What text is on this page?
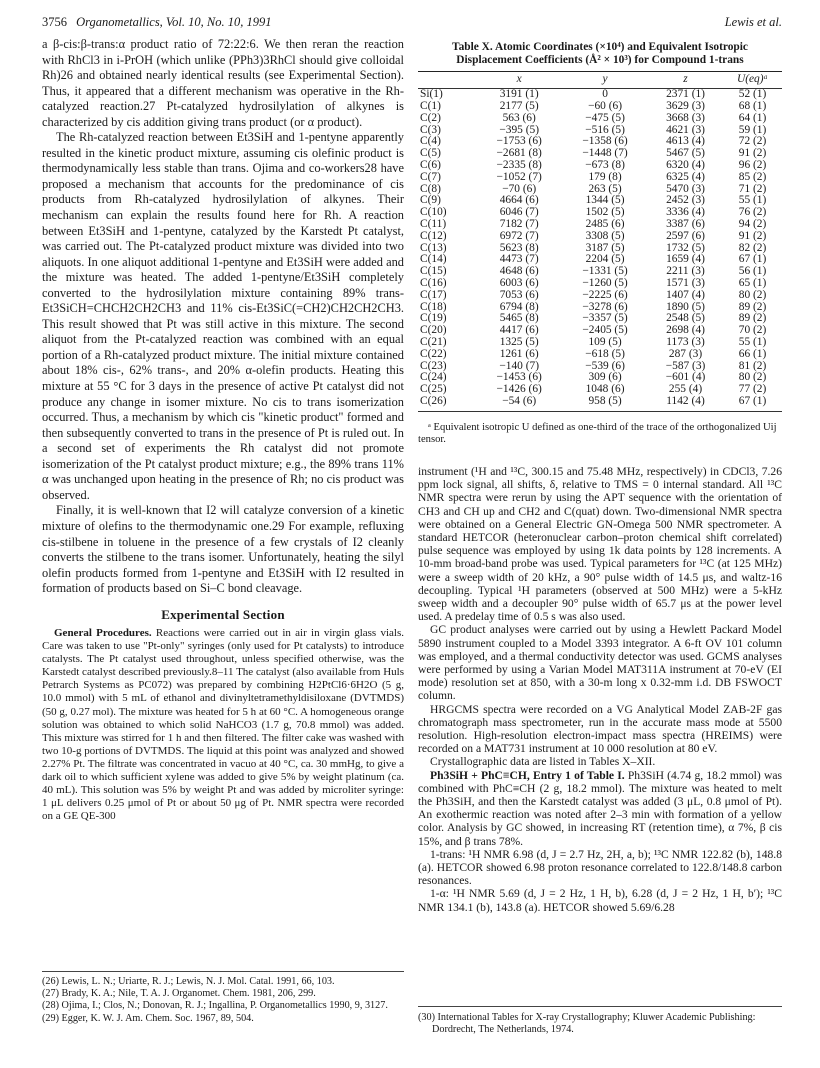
3756 Organometallics, Vol. 10, No. 10, 1991	Lewis et al.

a β-cis:β-trans:α product ratio of 72:22:6. We then reran the reaction with RhCl3 in i-PrOH (which unlike (PPh3)3RhCl should give colloidal Rh)26 and obtained nearly identical results (see Experimental Section). Thus, it appeared that a different mechanism was operative in the Rh-catalyzed reaction.27 Pt-catalyzed hydrosilylation of alkynes is characterized by cis addition giving trans product (or α product).

The Rh-catalyzed reaction between Et3SiH and 1-pentyne apparently resulted in the kinetic product mixture, assuming cis olefinic product is thermodynamically less stable than trans. Ojima and co-workers28 have proposed a mechanism that accounts for the predominance of cis products from Rh-catalyzed hydrosilylation of alkynes. Their mechanism can explain the results found here for Rh. A reaction between Et3SiH and 1-pentyne, catalyzed by the Karstedt Pt catalyst, was carried out. The Pt-catalyzed product mixture was divided into two aliquots. In one aliquot additional 1-pentyne and Et3SiH were added and the mixture was heated. The added 1-pentyne/Et3SiH completely converted to the hydrosilylation mixture containing 89% trans-Et3SiCH=CHCH2CH2CH3 and 11% cis-Et3SiC(=CH2)CH2CH2CH3. This result showed that Pt was still active in this mixture. The second aliquot from the Pt-catalyzed reaction was combined with an equal portion of a Rh-catalyzed product mixture. The initial mixture contained about 18% cis-, 62% trans-, and 20% α-olefin products. Heating this mixture at 55 °C for 3 days in the presence of active Pt catalyst did not produce any change in isomer mixture. No cis to trans isomerization occurred. Thus, a mechanism by which cis "kinetic product" formed and then subsequently converted to trans in the presence of Pt is ruled out. In a second set of experiments the Rh catalyst did not promote isomerization of the Pt catalyst product mixture; e.g., the 89% trans 11% α was unchanged upon heating in the presence of Rh; no cis product was observed.

Finally, it is well-known that I2 will catalyze conversion of a kinetic mixture of olefins to the thermodynamic one.29 For example, refluxing cis-stilbene in toluene in the presence of a few crystals of I2 cleanly converts the stilbene to the trans isomer. Unfortunately, heating the silyl olefin products formed from 1-pentyne and Et3SiH with I2 resulted in formation of products based on Si–C bond cleavage.

Experimental Section

General Procedures. Reactions were carried out in air in virgin glass vials. Care was taken to use "Pt-only" syringes (only used for Pt catalysts) to introduce catalysts. The Pt catalyst used throughout, unless specified otherwise, was the Karstedt catalyst described previously.8–11 The catalyst (also available from Huls Petrarch Systems as PC072) was prepared by combining H2PtCl6·6H2O (5 g, 10.0 mmol) with 5 mL of ethanol and divinyltetramethyldisiloxane (DVTMDS) (50 g, 0.27 mol). The mixture was heated for 5 h at 60 °C. A homogeneous orange solution was obtained to which solid NaHCO3 (1.7 g, 70.8 mmol) was added. This mixture was stirred for 1 h and then filtered. The filter cake was washed with two 10-g portions of DVTMDS. The liquid at this point was analyzed and showed 2.27% Pt. The filtrate was concentrated in vacuo at 40 °C, ca. 30 mmHg, to give a dark oil to which sufficient xylene was added to give 5% by weight platinum (ca. 40 mL). This solution was 5% by weight Pt and was added by microliter syringe: 1 μL delivers 0.25 μmol of Pt or about 50 μg of Pt. NMR spectra were recorded on a GE QE-300

(26) Lewis, L. N.; Uriarte, R. J.; Lewis, N. J. Mol. Catal. 1991, 66, 103.

(27) Brady, K. A.; Nile, T. A. J. Organomet. Chem. 1981, 206, 299.

(28) Ojima, I.; Clos, N.; Donovan, R. J.; Ingallina, P. Organometallics 1990, 9, 3127.

(29) Egger, K. W. J. Am. Chem. Soc. 1967, 89, 504.

Table X. Atomic Coordinates (×10⁴) and Equivalent Isotropic Displacement Coefficients (Å² × 10³) for Compound 1-trans
	x	y	z	U(eq)ᵃ
Si(1)	3191 (1)	0	2371 (1)	52 (1)
C(1)	2177 (5)	−60 (6)	3629 (3)	68 (1)
C(2)	563 (6)	−475 (5)	3668 (3)	64 (1)
C(3)	−395 (5)	−516 (5)	4621 (3)	59 (1)
C(4)	−1753 (6)	−1358 (6)	4613 (4)	72 (2)
C(5)	−2681 (8)	−1448 (7)	5467 (5)	91 (2)
C(6)	−2335 (8)	−673 (8)	6320 (4)	96 (2)
C(7)	−1052 (7)	179 (8)	6325 (4)	85 (2)
C(8)	−70 (6)	263 (5)	5470 (3)	71 (2)
C(9)	4664 (6)	1344 (5)	2452 (3)	55 (1)
C(10)	6046 (7)	1502 (5)	3336 (4)	76 (2)
C(11)	7182 (7)	2485 (6)	3387 (6)	94 (2)
C(12)	6972 (7)	3308 (5)	2597 (6)	91 (2)
C(13)	5623 (8)	3187 (5)	1732 (5)	82 (2)
C(14)	4473 (7)	2204 (5)	1659 (4)	67 (1)
C(15)	4648 (6)	−1331 (5)	2211 (3)	56 (1)
C(16)	6003 (6)	−1260 (5)	1571 (3)	65 (1)
C(17)	7053 (6)	−2225 (6)	1407 (4)	80 (2)
C(18)	6794 (8)	−3278 (6)	1890 (5)	89 (2)
C(19)	5465 (8)	−3357 (5)	2548 (5)	89 (2)
C(20)	4417 (6)	−2405 (5)	2698 (4)	70 (2)
C(21)	1325 (5)	109 (5)	1173 (3)	55 (1)
C(22)	1261 (6)	−618 (5)	287 (3)	66 (1)
C(23)	−140 (7)	−539 (6)	−587 (3)	81 (2)
C(24)	−1453 (6)	309 (6)	−601 (4)	80 (2)
C(25)	−1426 (6)	1048 (6)	255 (4)	77 (2)
C(26)	−54 (6)	958 (5)	1142 (4)	67 (1)
ᵃ Equivalent isotropic U defined as one-third of the trace of the orthogonalized Uij tensor.

instrument (¹H and ¹³C, 300.15 and 75.48 MHz, respectively) in CDCl3, 7.26 ppm lock signal, all shifts, δ, relative to TMS = 0 internal standard. All ¹³C NMR spectra were rerun by using the APT sequence with the orientation of CH3 and CH up and CH2 and C(quat) down. Two-dimensional NMR spectra were obtained on a General Electric GN-Omega 500 NMR spectrometer. A standard HETCOR (heteronuclear carbon–proton chemical shift correlated) pulse sequence was employed by using 1k data points by 128 increments. A 10-mm broad-band probe was used. Typical parameters for ¹³C (at 125 MHz) were a sweep width of 20 kHz, a 90° pulse width of 14.5 μs, and waltz-16 decoupling. Typical ¹H parameters (observed at 500 MHz) were a 5-kHz sweep width and a decoupler 90° pulse width of 65.7 μs at the power level used. A predelay time of 0.5 s was also used.

GC product analyses were carried out by using a Hewlett Packard Model 5890 instrument coupled to a Model 3393 integrator. A 6-ft OV 101 column was employed, and a thermal conductivity detector was used. GCMS analyses were performed by using a Varian Model MAT311A instrument at 70-eV (EI mode) resolution set at 850, with a 30-m long x 0.32-mm i.d. DB FSWOCT column.

HRGCMS spectra were recorded on a VG Analytical Model ZAB-2F gas chromatograph mass spectrometer, run in the accurate mass mode at 5500 resolution. High-resolution electron-impact mass spectra (HREIMS) were recorded on a MAT731 instrument at 10 000 resolution at 80 eV.

Crystallographic data are listed in Tables X–XII.

Ph3SiH + PhC≡CH, Entry 1 of Table I. Ph3SiH (4.74 g, 18.2 mmol) was combined with PhC≡CH (2 g, 18.2 mmol). The mixture was heated to melt the Ph3SiH, and then the Karstedt catalyst was added (3 μL, 0.8 μmol of Pt). An exothermic reaction was noted after 2–3 min with formation of a yellow color. Analysis by GC showed, in increasing RT (retention time), α 7%, β cis 15%, and β trans 78%.

1-trans: ¹H NMR 6.98 (d, J = 2.7 Hz, 2H, a, b); ¹³C NMR 122.82 (b), 148.8 (a). HETCOR showed 6.98 proton resonance correlated to 122.8/148.8 carbon resonances.

1-α: ¹H NMR 5.69 (d, J = 2 Hz, 1 H, b), 6.28 (d, J = 2 Hz, 1 H, b′); ¹³C NMR 134.1 (b), 143.8 (a). HETCOR showed 5.69/6.28

(30) International Tables for X-ray Crystallography; Kluwer Academic Publishing: Dordrecht, The Netherlands, 1974.
